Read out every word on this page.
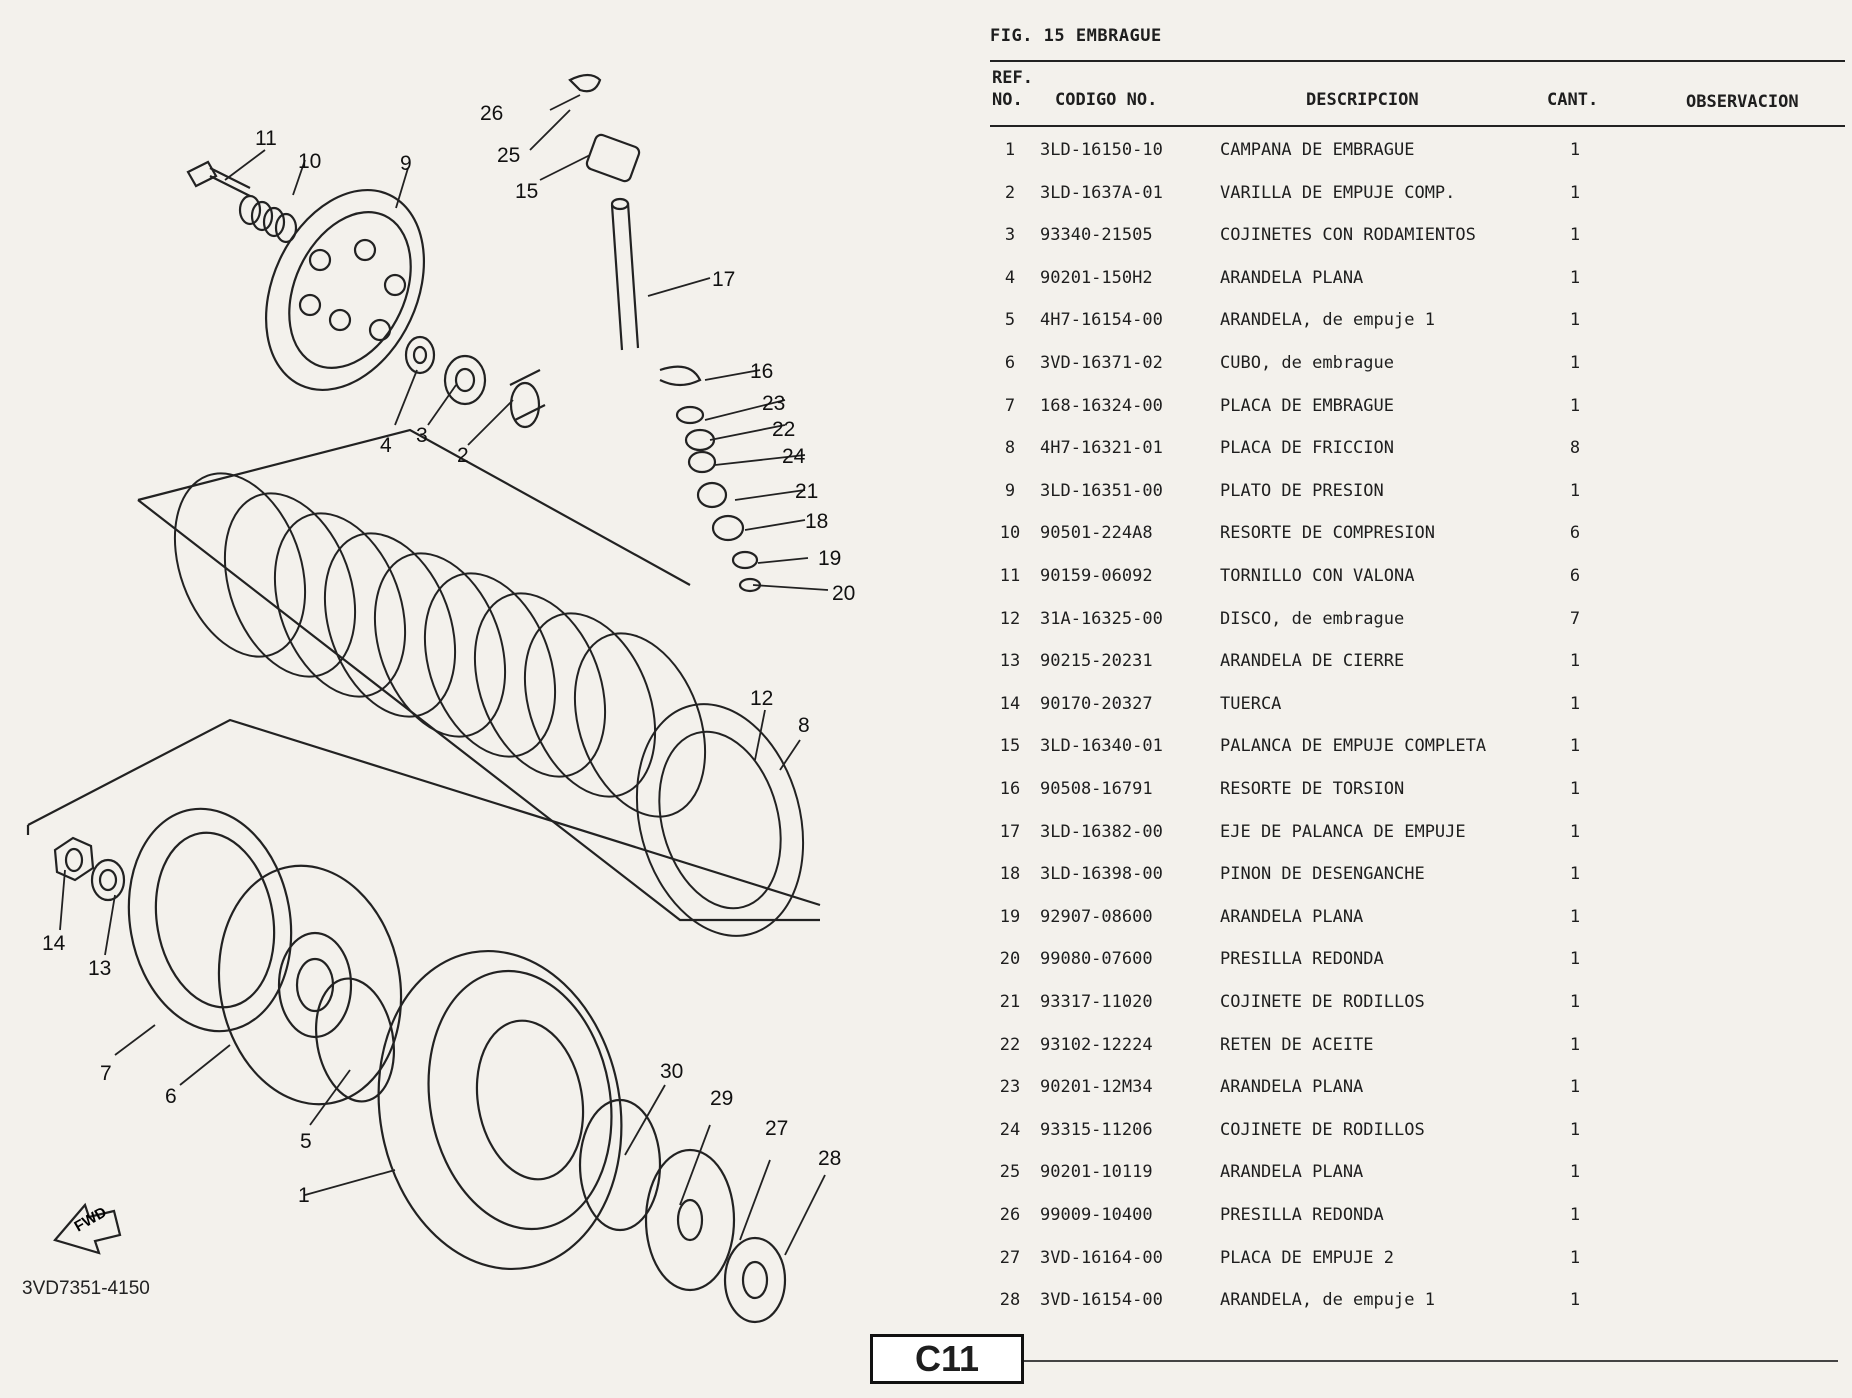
FWD
11
10	9
4 3
2
26
25
15
17
16
23
22
24
21
18
19
20
12
8
14
13
7
6
5
1
30
29
27
28
3VD7351-4150
FIG. 15 EMBRAGUE
REF.
NO. CODIGO NO.	DESCRIPCION	CANT.	OBSERVACION
1	3LD-16150-10	CAMPANA DE EMBRAGUE	1
2	3LD-1637A-01	VARILLA DE EMPUJE COMP.	1
3	93340-21505	COJINETES CON RODAMIENTOS	1
4	90201-150H2	ARANDELA PLANA	1
5	4H7-16154-00	ARANDELA, de empuje 1	1
6	3VD-16371-02	CUBO, de embrague	1
7	168-16324-00	PLACA DE EMBRAGUE	1
8	4H7-16321-01	PLACA DE FRICCION	8
9	3LD-16351-00	PLATO DE PRESION	1
10	90501-224A8	RESORTE DE COMPRESION	6
11	90159-06092	TORNILLO CON VALONA	6
12	31A-16325-00	DISCO, de embrague	7
13	90215-20231	ARANDELA DE CIERRE	1
14	90170-20327	TUERCA	1
15	3LD-16340-01	PALANCA DE EMPUJE COMPLETA	1
16	90508-16791	RESORTE DE TORSION	1
17	3LD-16382-00	EJE DE PALANCA DE EMPUJE	1
18	3LD-16398-00	PINON DE DESENGANCHE	1
19	92907-08600	ARANDELA PLANA	1
20	99080-07600	PRESILLA REDONDA	1
21	93317-11020	COJINETE DE RODILLOS	1
22	93102-12224	RETEN DE ACEITE	1
23	90201-12M34	ARANDELA PLANA	1
24	93315-11206	COJINETE DE RODILLOS	1
25	90201-10119	ARANDELA PLANA	1
26	99009-10400	PRESILLA REDONDA	1
27	3VD-16164-00	PLACA DE EMPUJE 2	1
28	3VD-16154-00	ARANDELA, de empuje 1	1
C11
